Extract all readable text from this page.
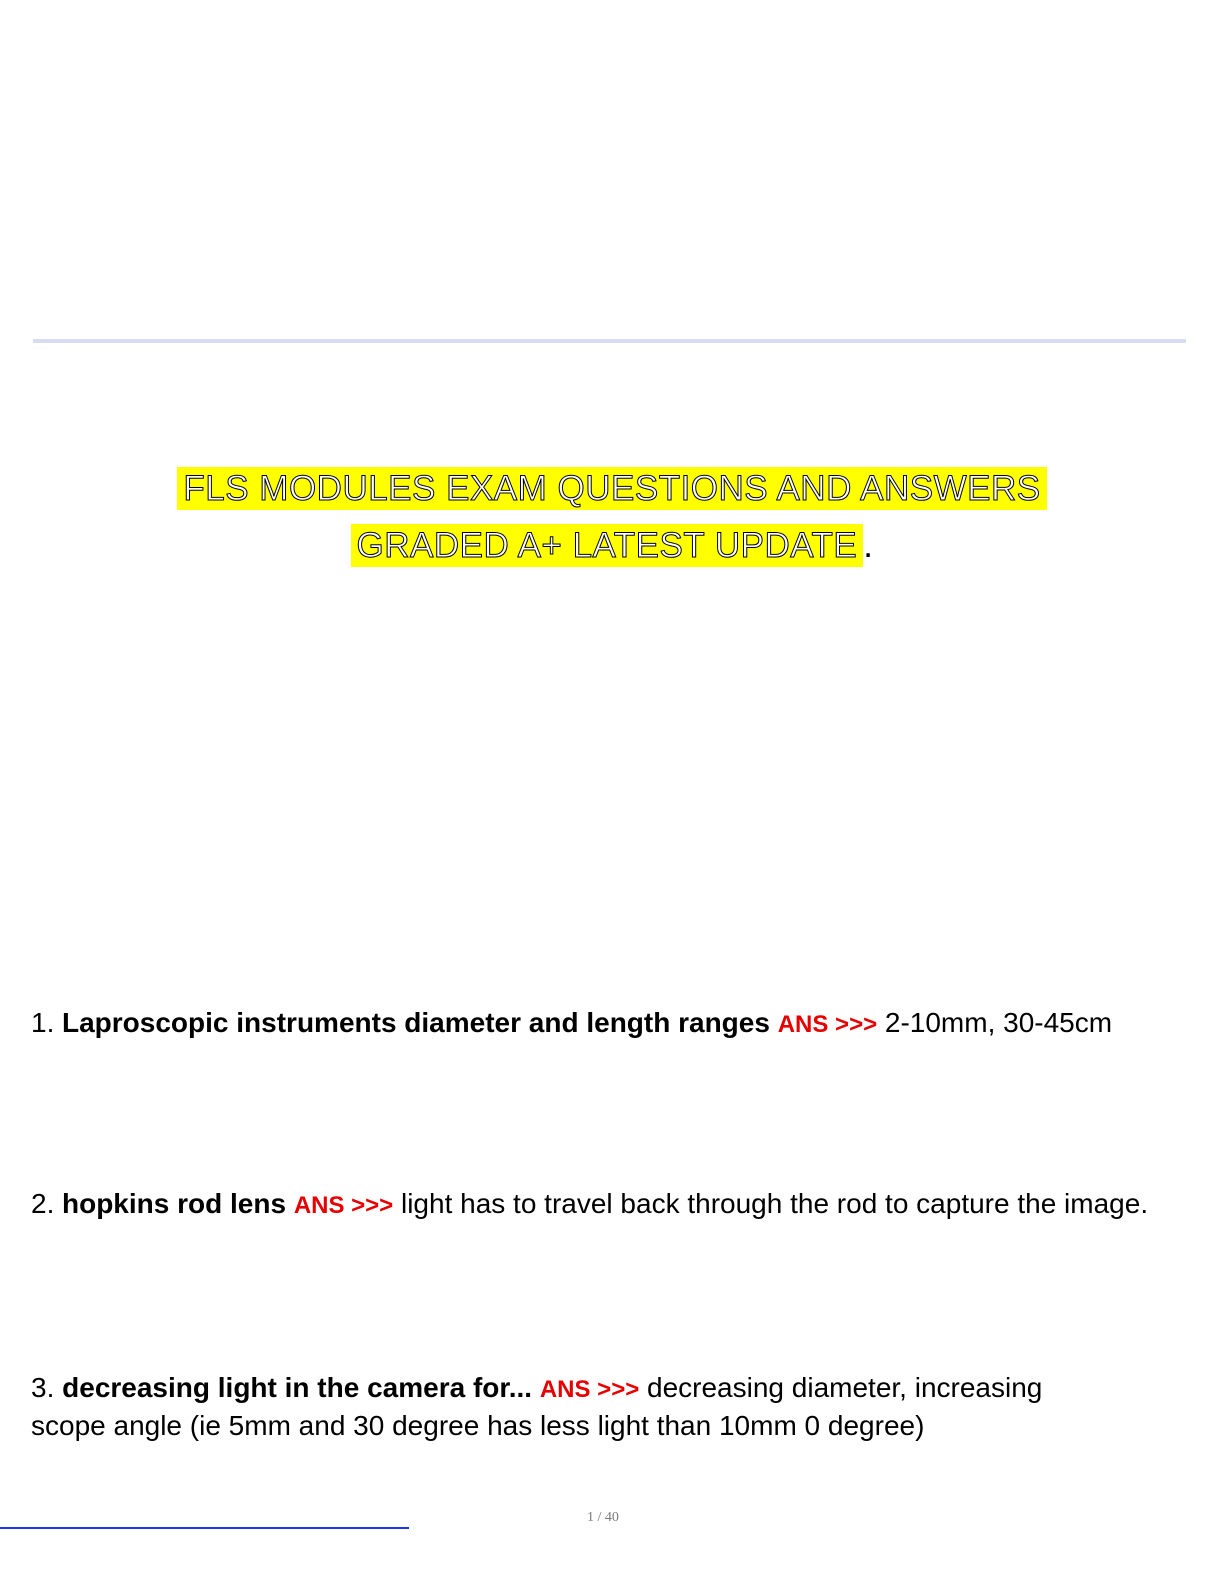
FLS MODULES EXAM QUESTIONS AND ANSWERS
GRADED A+ LATEST UPDATE .
1. Laproscopic instruments diameter and length ranges ANS >>> 2-10mm, 30-45cm
2. hopkins rod lens ANS >>> light has to travel back through the rod to capture the image.
3. decreasing light in the camera for... ANS >>> decreasing diameter, increasing scope angle (ie 5mm and 30 degree has less light than 10mm 0 degree)
1 / 40
